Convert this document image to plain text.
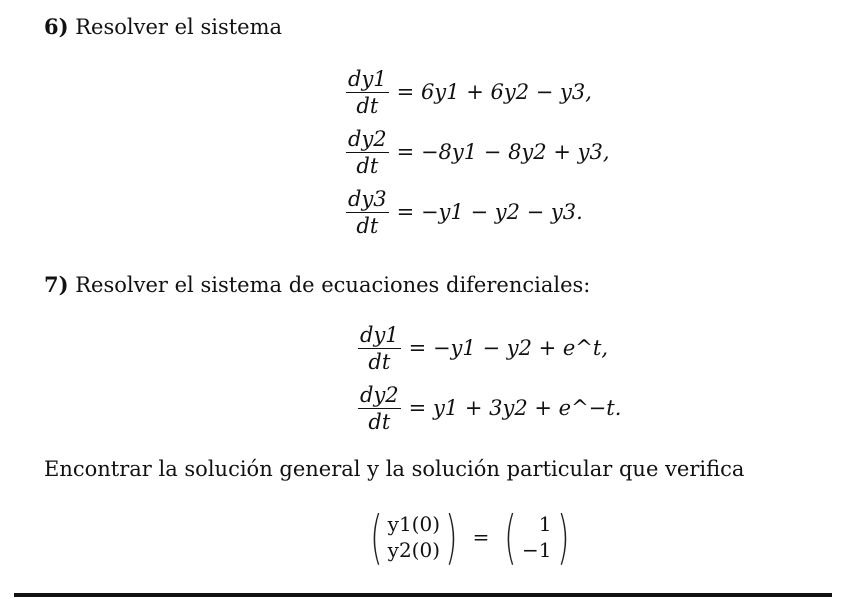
6) Resolver el sistema
$\frac{dy1}{dt} = 6y1 + 6y2 - y3$,
$\frac{dy2}{dt} = -8y1 - 8y2 + y3$,
$\frac{dy3}{dt} = -y1 - y2 - y3$.
7) Resolver el sistema de ecuaciones diferenciales:
$\frac{dy1}{dt} = -y1 - y2$ + e^t,
$\frac{dy2}{dt} = y1 + 3y2$ + e^−t.
Encontrar la solución general y la solución particular que verifica
( y1(0)
y2(0) ) = ( 1
−1 )
